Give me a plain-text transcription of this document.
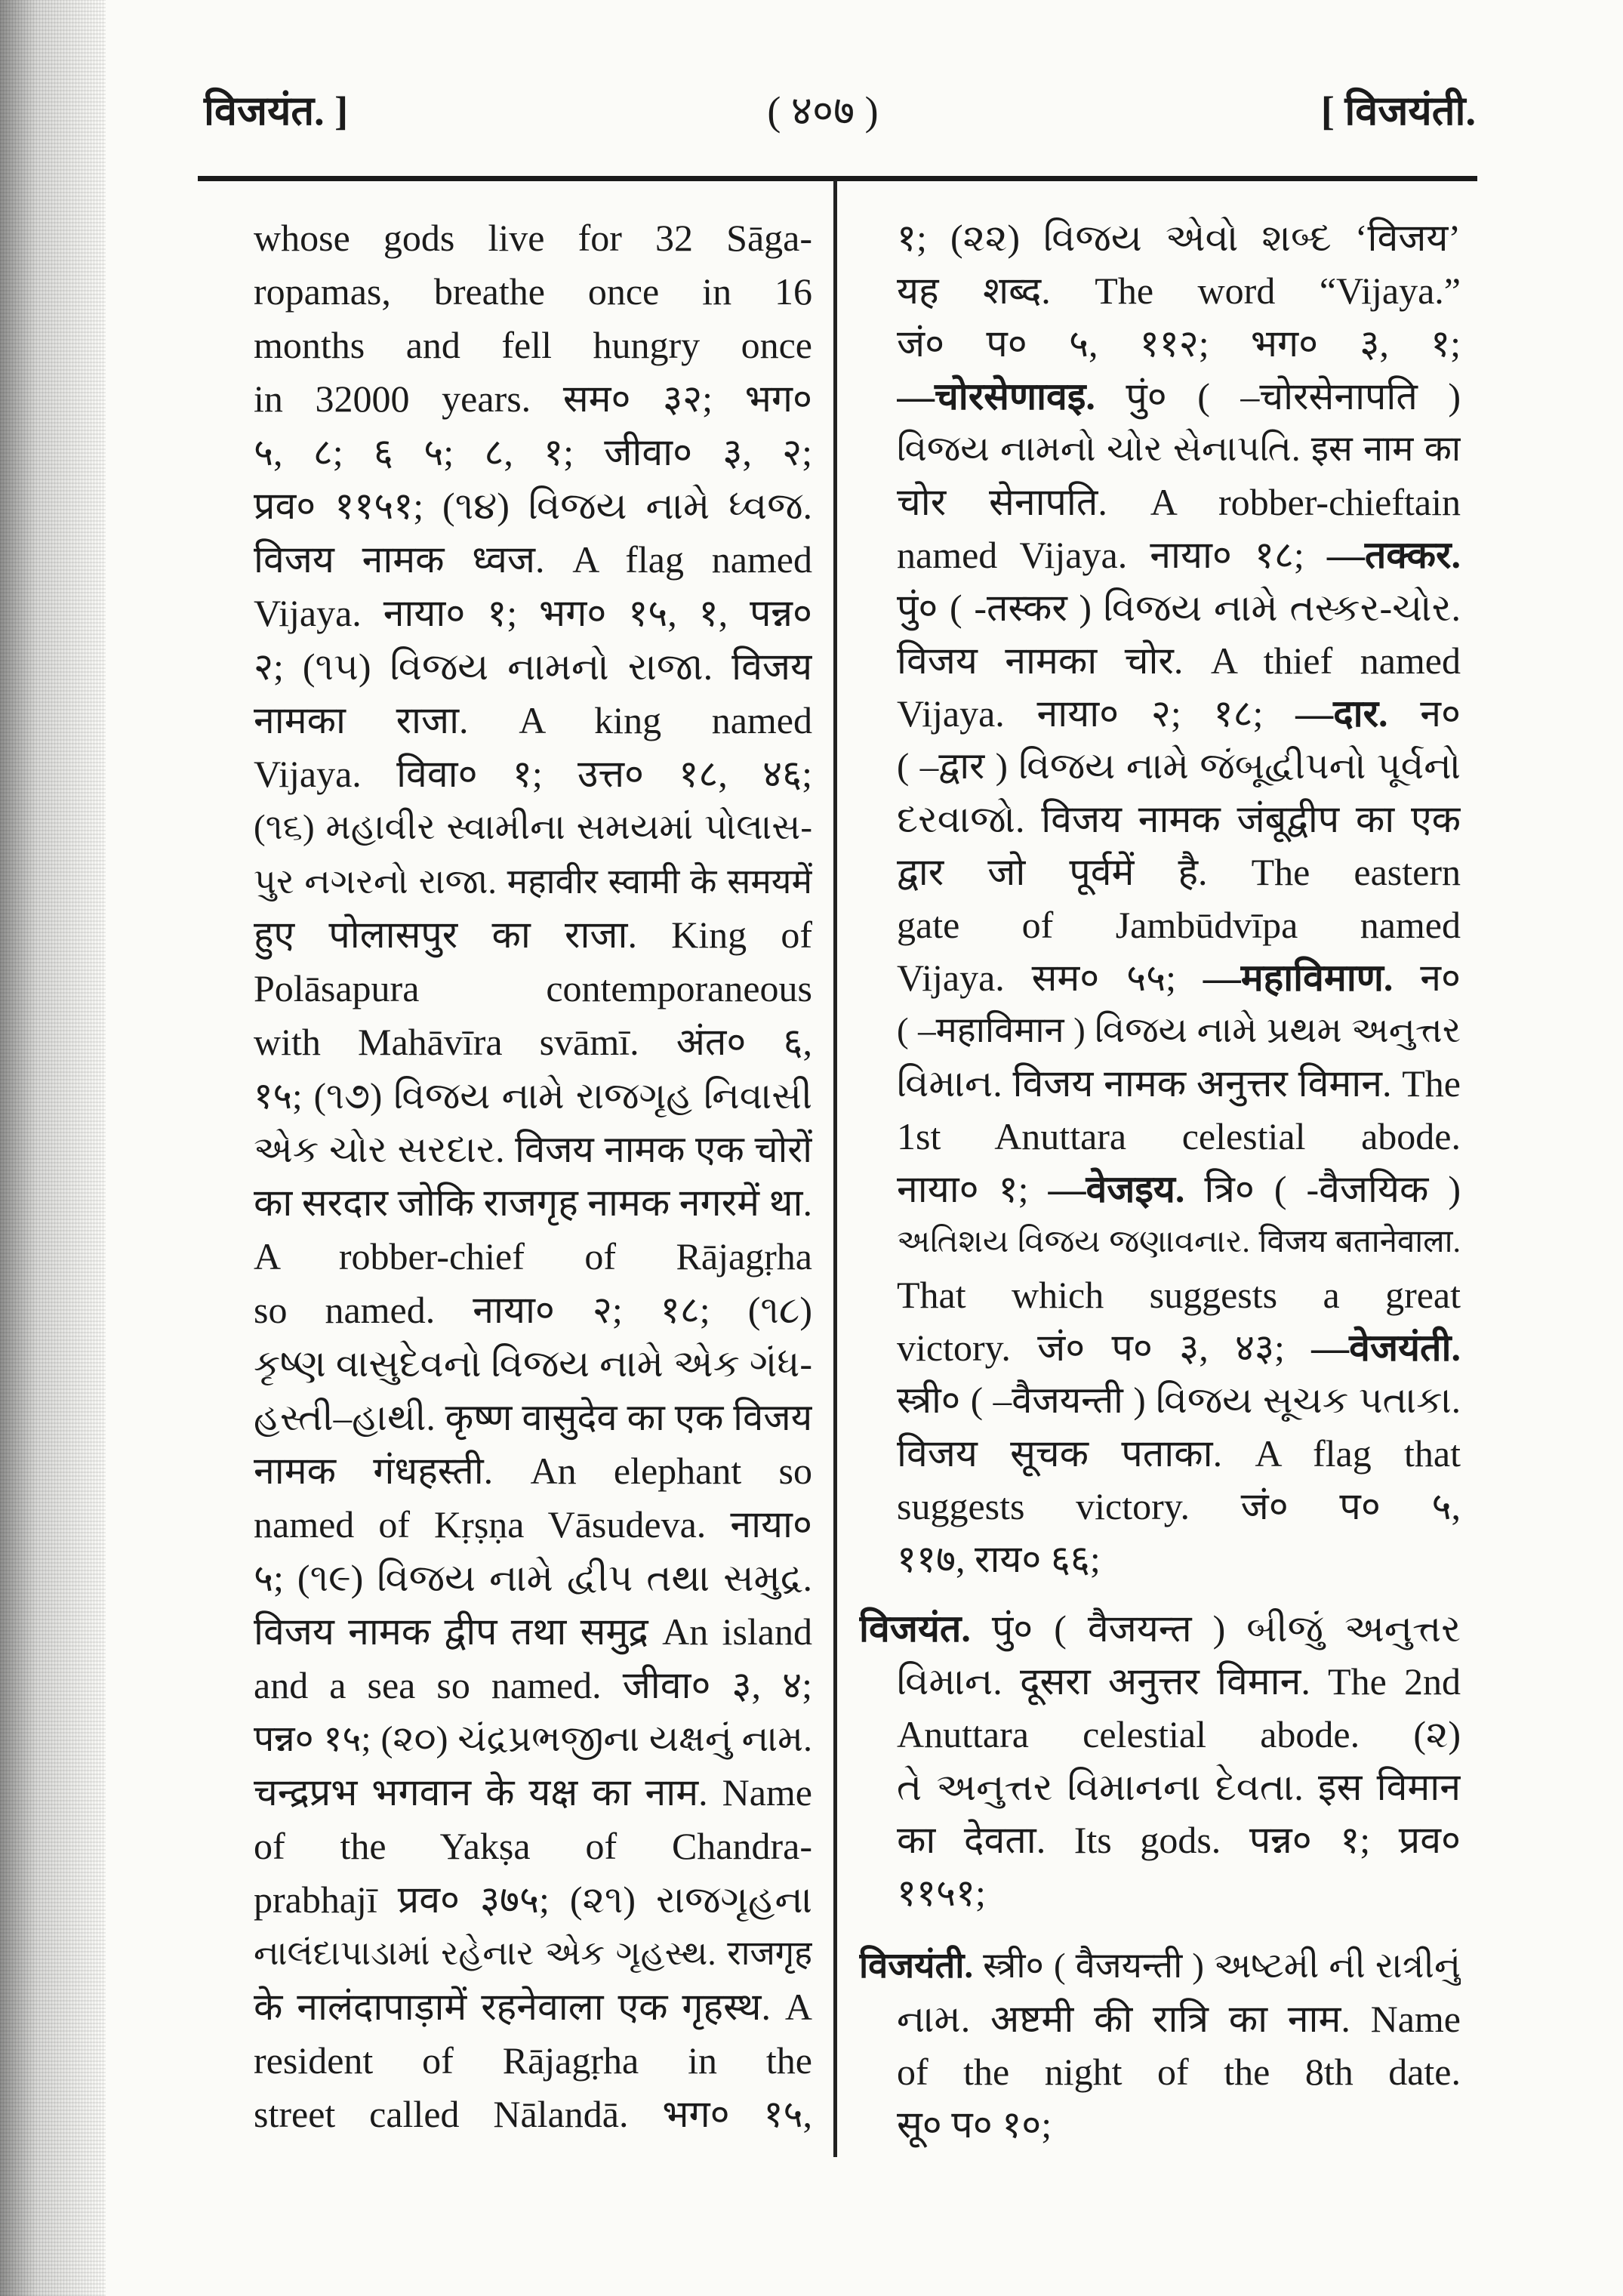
विजयंत. ]	( ४०७ )	[ विजयंती.
whose gods live for 32 Sāga-
ropamas, breathe once in 16
months and fell hungry once
in 32000 years. सम० ३२; भग०
५, ८; ६ ५; ८, १; जीवा० ३, २;
प्रव० ११५१; (૧૪) વિજય નામે ધ્વજ.
विजय नामक ध्वज. A flag named
Vijaya. नाया० १; भग० १५, १, पन्न०
२; (૧૫) વિજય નામનો રાજા. विजय
नामका राजा. A king named
Vijaya. विवा० १; उत्त० १८, ४६;
(૧૬) મહાવીર સ્વામીના સમયમાં પોલાસ-
પુર નગરનો રાજા. महावीर स्वामी के समयमें
हुए पोलासपुर का राजा. King of
Polāsapura contemporaneous
with Mahāvīra svāmī. अंत० ६,
१५; (૧૭) વિજય નામે રાજગૃહ નિવાસી
એક ચોર સરદાર. विजय नामक एक चोरों
का सरदार जोकि राजगृह नामक नगरमें था.
A robber-chief of Rājagṛha
so named. नाया० २; १८; (૧૮)
કૃષ્ણ વાસુદેવનો વિજય નામે એક ગંધ-
હસ્તી–હાથી. कृष्ण वासुदेव का एक विजय
नामक गंधहस्ती. An elephant so
named of Kṛṣṇa Vāsudeva. नाया०
५; (૧૯) વિજય નામે દ્વીપ તથા સમુદ્ર.
विजय नामक द्वीप तथा समुद्र An island
and a sea so named. जीवा० ३, ४;
पन्न० १५; (૨૦) ચંદ્રપ્રભજીના યક્ષનું નામ.
चन्द्रप्रभ भगवान के यक्ष का नाम. Name
of the Yakṣa of Chandra-
prabhajī प्रव० ३७५; (૨૧) રાજગૃહના
નાલંદાપાડામાં રહેનાર એક ગૃહસ્થ. राजगृह
के नालंदापाड़ामें रहनेवाला एक गृहस्थ. A
resident of Rājagṛha in the
street called Nālandā. भग० १५,
१; (૨૨) વિજય એવો શબ્દ ‘विजय’
यह शब्द. The word “Vijaya.”
जं० प० ५, ११२; भग० ३, १;
—चोरसेणावइ. पुं० ( –चोरसेनापति )
વિજય નામનો ચોર સેનાપતિ. इस नाम का
चोर सेनापति. A robber-chieftain
named Vijaya. नाया० १८; —तक्कर.
पुं० ( -तस्कर ) વિજય નામે તસ્કર-ચોર.
विजय नामका चोर. A thief named
Vijaya. नाया० २; १८; —दार. न०
( –द्वार ) વિજય નામે જંબૂદ્વીપનો પૂર્વનો
દરવાજો. विजय नामक जंबूद्वीप का एक
द्वार जो पूर्वमें है. The eastern
gate of Jambūdvīpa named
Vijaya. सम० ५५; —महाविमाण. न०
( –महाविमान ) વિજય નામે પ્રથમ અનુત્તર
વિમાન. विजय नामक अनुत्तर विमान. The
1st Anuttara celestial abode.
नाया० १; —वेजइय. त्रि० ( -वैजयिक )
અતિશય વિજય જણાવનાર. विजय बतानेवाला.
That which suggests a great
victory. जं० प० ३, ४३; —वेजयंती.
स्त्री० ( –वैजयन्ती ) વિજય સૂચક પતાકા.
विजय सूचक पताका. A flag that
suggests victory. जं० प० ५,
११७, राय० ६६;
विजयंत. पुं० ( वैजयन्त ) બીજું અનુત્તર
વિમાન. दूसरा अनुत्तर विमान. The 2nd
Anuttara celestial abode. (૨)
તે અનુત્તર વિમાનના દેવતા. इस विमान
का देवता. Its gods. पन्न० १; प्रव०
११५१;
विजयंती. स्त्री० ( वैजयन्ती ) અષ્ટમી ની રાત્રીનું
નામ. अष्टमी की रात्रि का नाम. Name
of the night of the 8th date.
सू० प० १०;
